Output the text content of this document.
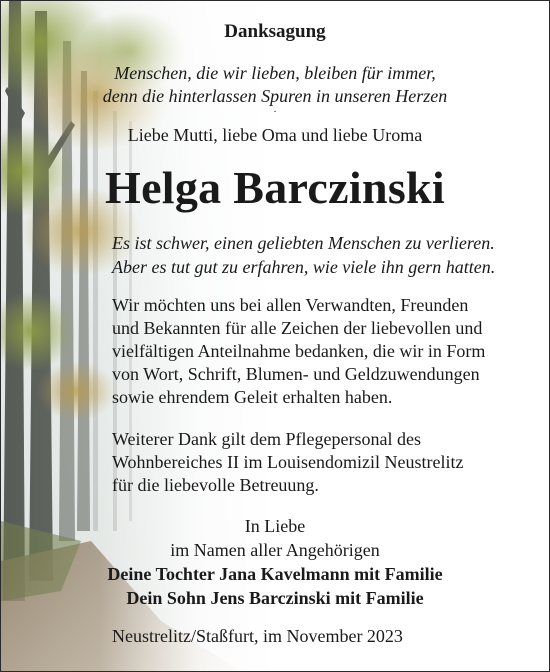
Danksagung
Menschen, die wir lieben, bleiben für immer,
denn die hinterlassen Spuren in unseren Herzen
.
Liebe Mutti, liebe Oma und liebe Uroma
Helga Barczinski
Es ist schwer, einen geliebten Menschen zu verlieren.
Aber es tut gut zu erfahren, wie viele ihn gern hatten.
Wir möchten uns bei allen Verwandten, Freunden
und Bekannten für alle Zeichen der liebevollen und
vielfältigen Anteilnahme bedanken, die wir in Form
von Wort, Schrift, Blumen- und Geldzuwendungen
sowie ehrendem Geleit erhalten haben.
Weiterer Dank gilt dem Pflegepersonal des
Wohnbereiches II im Louisendomizil Neustrelitz
für die liebevolle Betreuung.
In Liebe
im Namen aller Angehörigen
Deine Tochter Jana Kavelmann mit Familie
Dein Sohn Jens Barczinski mit Familie
Neustrelitz/Staßfurt, im November 2023
